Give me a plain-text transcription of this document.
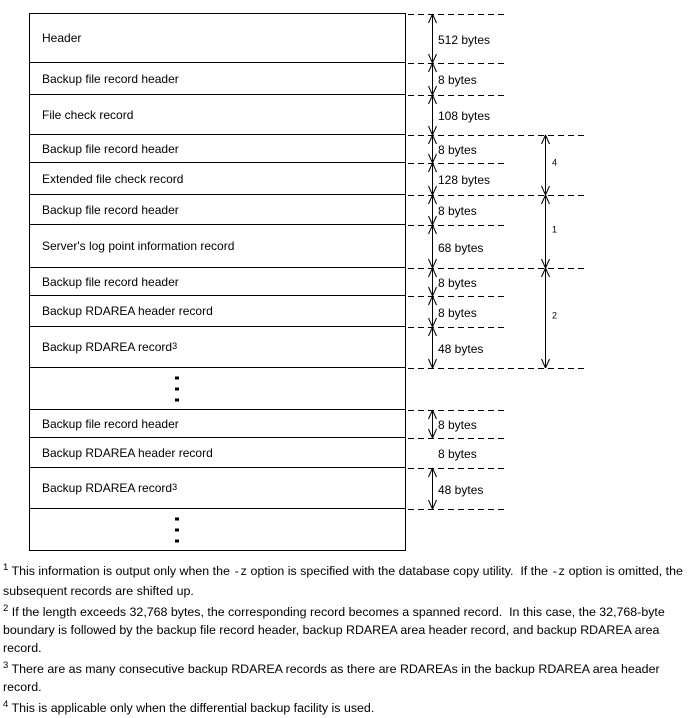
Header
Backup file record header
File check record
Backup file record header
Extended file check record
Backup file record header
Server's log point information record
Backup file record header
Backup RDAREA header record
Backup RDAREA record$^3$
Backup file record header
Backup RDAREA header record
Backup RDAREA record$^3$
512 bytes
8 bytes
108 bytes
8 bytes
128 bytes
8 bytes
68 bytes
8 bytes
8 bytes
48 bytes
8 bytes
8 bytes
48 bytes
4
1
2
$^1$ This information is output only when the -z option is specified with the database copy utility.  If the -z option is omitted, the subsequent records are shifted up.
$^2$ If the length exceeds 32,768 bytes, the corresponding record becomes a spanned record.  In this case, the 32,768-byte boundary is followed by the backup file record header, backup RDAREA area header record, and backup RDAREA area record.
$^3$ There are as many consecutive backup RDAREA records as there are RDAREAs in the backup RDAREA area header record.
$^4$ This is applicable only when the differential backup facility is used.
